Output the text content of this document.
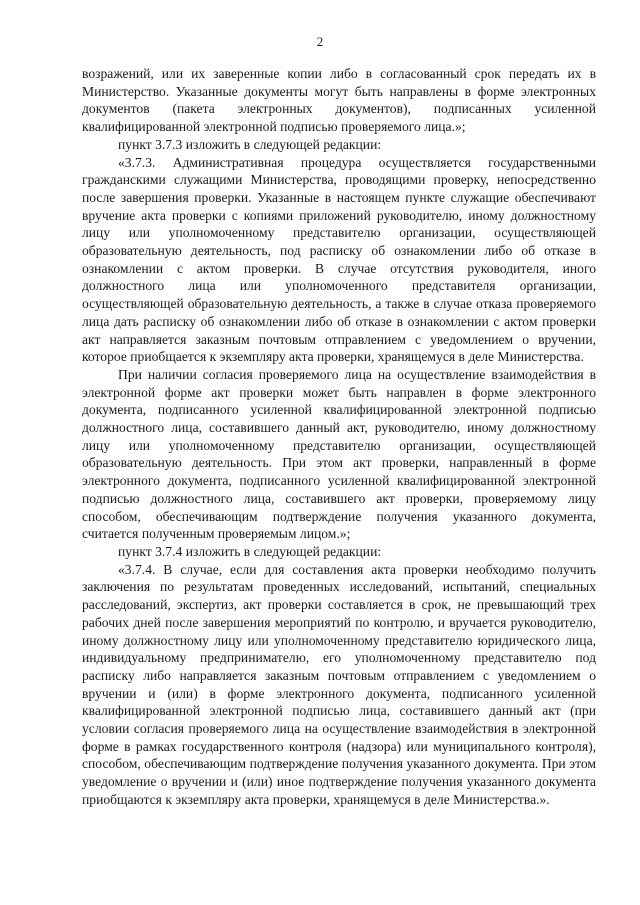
2

возражений, или их заверенные копии либо в согласованный срок передать их в Министерство. Указанные документы могут быть направлены в форме электронных документов (пакета электронных документов), подписанных усиленной квалифицированной электронной подписью проверяемого лица.»;

пункт 3.7.3 изложить в следующей редакции:

«3.7.3. Административная процедура осуществляется государственными гражданскими служащими Министерства, проводящими проверку, непосредственно после завершения проверки. Указанные в настоящем пункте служащие обеспечивают вручение акта проверки с копиями приложений руководителю, иному должностному лицу или уполномоченному представителю организации, осуществляющей образовательную деятельность, под расписку об ознакомлении либо об отказе в ознакомлении с актом проверки. В случае отсутствия руководителя, иного должностного лица или уполномоченного представителя организации, осуществляющей образовательную деятельность, а также в случае отказа проверяемого лица дать расписку об ознакомлении либо об отказе в ознакомлении с актом проверки акт направляется заказным почтовым отправлением с уведомлением о вручении, которое приобщается к экземпляру акта проверки, хранящемуся в деле Министерства.

При наличии согласия проверяемого лица на осуществление взаимодействия в электронной форме акт проверки может быть направлен в форме электронного документа, подписанного усиленной квалифицированной электронной подписью должностного лица, составившего данный акт, руководителю, иному должностному лицу или уполномоченному представителю организации, осуществляющей образовательную деятельность. При этом акт проверки, направленный в форме электронного документа, подписанного усиленной квалифицированной электронной подписью должностного лица, составившего акт проверки, проверяемому лицу способом, обеспечивающим подтверждение получения указанного документа, считается полученным проверяемым лицом.»;

пункт 3.7.4 изложить в следующей редакции:

«3.7.4. В случае, если для составления акта проверки необходимо получить заключения по результатам проведенных исследований, испытаний, специальных расследований, экспертиз, акт проверки составляется в срок, не превышающий трех рабочих дней после завершения мероприятий по контролю, и вручается руководителю, иному должностному лицу или уполномоченному представителю юридического лица, индивидуальному предпринимателю, его уполномоченному представителю под расписку либо направляется заказным почтовым отправлением с уведомлением о вручении и (или) в форме электронного документа, подписанного усиленной квалифицированной электронной подписью лица, составившего данный акт (при условии согласия проверяемого лица на осуществление взаимодействия в электронной форме в рамках государственного контроля (надзора) или муниципального контроля), способом, обеспечивающим подтверждение получения указанного документа. При этом уведомление о вручении и (или) иное подтверждение получения указанного документа приобщаются к экземпляру акта проверки, хранящемуся в деле Министерства.».
